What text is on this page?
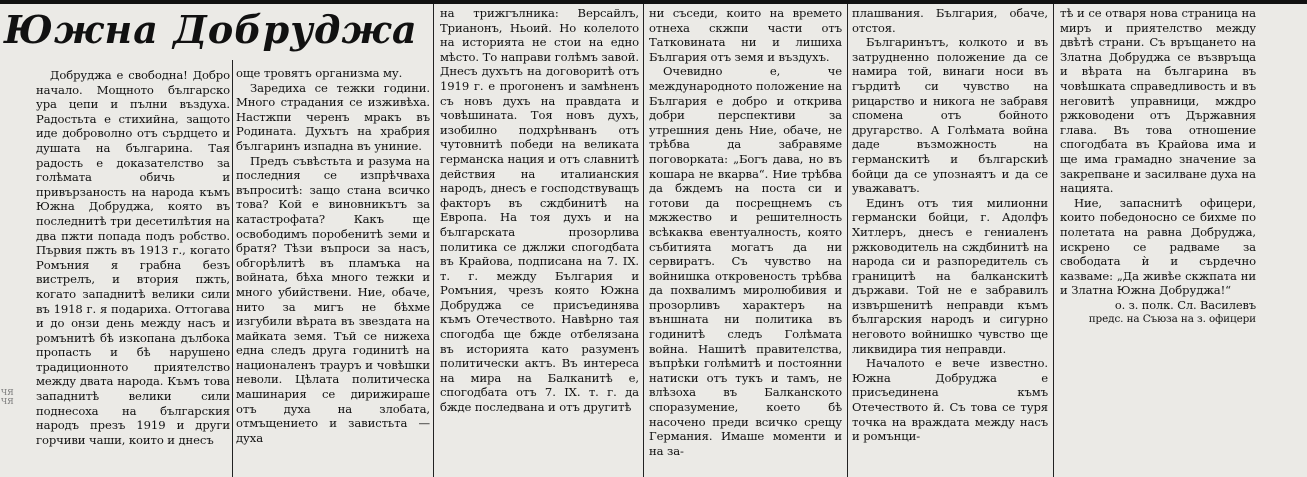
Южна Добруджа

Добруджа е свободна! Добро начало. Мощното българско ура цепи и пълни въздуха. Радостьта е стихийна, защото иде доброволно отъ сърдцето и душата на българина. Тая радость е доказателство за голѣмата обичь и привързаность на народа къмъ Южна Добруджа, която въ последнитѣ три десетилѣтия на два пжти попада подъ робство. Първия пжть въ 1913 г., когато Ромъния я грабна безъ вистрелъ, и втория пжть, когато западнитѣ велики сили въ 1918 г. я подариха. Оттогава и до онзи день между насъ и ромънитѣ бѣ изкопана дълбока пропасть и бѣ нарушено традиционното приятелство между двата народа. Къмъ това западнитѣ велики сили поднесоха на българския народъ презъ 1919 и други горчиви чаши, които и днесъ

още тровятъ организма му.

Заредиха се тежки години. Много страдания се изживѣха. Настжпи черенъ мракъ въ Родината. Духътъ на храбрия българинъ изпадна въ униние.

Предъ съвѣстьта и разума на последния се изпрѣчваха въпроситѣ: защо стана всичко това? Кой е виновникътъ за катастрофата? Какъ ще освободимъ поробенитѣ земи и братя? Тѣзи въпроси за насъ, обгорѣлитѣ въ пламъка на войната, бѣха много тежки и много убийствени. Ние, обаче, нито за мигъ не бѣхме изгубили вѣрата въ звездата на майката земя. Тъй се нижеха една следъ друга годинитѣ на националенъ трауръ и човѣшки неволи. Цѣлата политическа машинария се дирижираше отъ духа на злобата, отмъщението и завистьта — духа

на трижгълника: Версайлъ, Трианонъ, Ньоий. Но колелото на историята не стои на едно мѣсто. То направи голѣмъ завой. Днесъ духътъ на договоритѣ отъ 1919 г. е прогоненъ и замѣненъ съ новъ духъ на правдата и човѣшината. Тоя новъ духъ, изобилно подхрѣнванъ отъ чутовнитѣ победи на великата германска нация и отъ славнитѣ действия на италианския народъ, днесъ е господствуващъ факторъ въ сждбинитѣ на Европа. На тоя духъ и на българската прозорлива политика се джлжи спогодбата въ Крайова, подписана на 7. IX. т. г. между България и Ромъния, чрезъ която Южна Добруджа се присъединява къмъ Отечеството. Навѣрно тая спогодба ще бжде отбелязана въ историята като разуменъ политически актъ. Въ интереса на мира на Балканитѣ е, спогодбата отъ 7. IX. т. г. да бжде последвана и отъ другитѣ

ни съседи, които на времето отнеха скжпи части отъ Татковината ни и лишиха България отъ земя и въздухъ.

Очевидно е, че международното положение на България е добро и открива добри перспективи за утрешния день Ние, обаче, не трѣбва да забравяме поговорката: „Богъ дава, но въ кошара не вкарва“. Ние трѣбва да бждемъ на поста си и готови да посрещнемъ съ мжжество и решителность всѣкаква евентуалность, която събитията могатъ да ни сервиратъ. Съ чувство на войнишка откровеность трѣбва да похвалимъ миролюбивия и прозорливъ характеръ на външната ни политика въ годинитѣ следъ Голѣмата война. Нашитѣ правителства, въпрѣки голѣмитѣ и постоянни натиски отъ тукъ и тамъ, не влѣзоха въ Балканското споразумение, което бѣ насочено преди всичко срещу Германия. Имаше моменти и на за-

плашвания. България, обаче, отстоя.

Българинътъ, колкото и въ затрудненно положение да се намира той, винаги носи въ гърдитѣ си чувство на рицарство и никога не забравя спомена отъ бойното другарство. А Голѣмата война даде възможность на германскитѣ и българскиѣ бойци да се упознаятъ и да се уважаватъ.

Единъ отъ тия милионни германски бойци, г. Адолфъ Хитлеръ, днесъ е гениаленъ ржководитель на сждбинитѣ на народа си и разпоредитель съ границитѣ на балканскитѣ държави. Той не е забравилъ извършенитѣ неправди къмъ българския народъ и сигурно неговото войнишко чувство ще ликвидира тия неправди.

Началото е вече известно. Южна Добруджа е присъединена къмъ Отечеството й. Съ това се туря точка на враждата между насъ и ромънци-

тѣ и се отваря нова страница на миръ и приятелство между двѣтѣ страни. Съ връщането на Златна Добруджа се възвръща и вѣрата на българина въ човѣшката справедливость и въ неговитѣ управници, мждро ржководени отъ Държавния глава. Въ това отношение спогодбата въ Крайова има и ще има грамадно значение за закрепване и засилване духа на нацията.

Ние, запаснитѣ офицери, които победоносно се бихме по полетата на равна Добруджа, искрено се радваме за свободата ѝ и сърдечно казваме: „Да живѣе скжпата ни и Златна Южна Добруджа!“

о. з. полк. Сл. Василевъ

предс. на Съюза на з. офицери

ЧЯ ЧЯ
